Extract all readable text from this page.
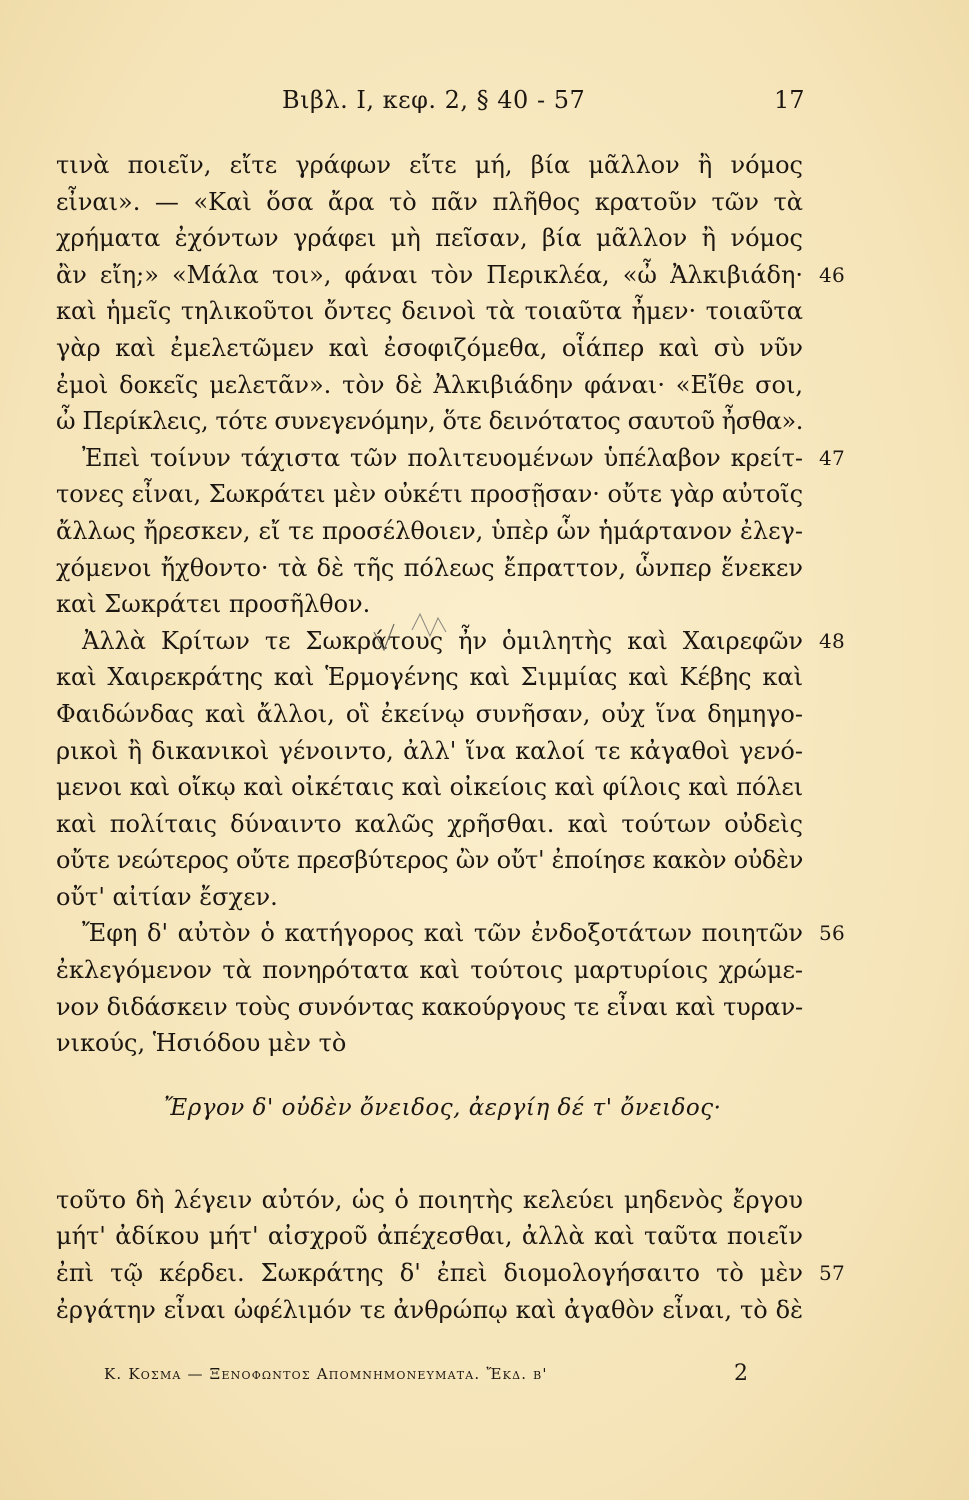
Βιβλ. Ι, κεφ. 2, § 40 - 57	17
τινὰ ποιεῖν, εἴτε γράφων εἴτε μή, βία μᾶλλον ἢ νόμος
εἶναι». — «Καὶ ὅσα ἄρα τὸ πᾶν πλῆθος κρατοῦν τῶν τὰ
χρήματα ἐχόντων γράφει μὴ πεῖσαν, βία μᾶλλον ἢ νόμος
ἂν εἴη;» «Μάλα τοι», φάναι τὸν Περικλέα, «ὦ Ἀλκιβιάδη· 46
καὶ ἡμεῖς τηλικοῦτοι ὄντες δεινοὶ τὰ τοιαῦτα ἦμεν· τοιαῦτα
γὰρ καὶ ἐμελετῶμεν καὶ ἐσοφιζόμεθα, οἷάπερ καὶ σὺ νῦν
ἐμοὶ δοκεῖς μελετᾶν». τὸν δὲ Ἀλκιβιάδην φάναι· «Εἴθε σοι,
ὦ Περίκλεις, τότε συνεγενόμην, ὅτε δεινότατος σαυτοῦ ἦσθα».
Ἐπεὶ τοίνυν τάχιστα τῶν πολιτευομένων ὑπέλαβον κρείτ- 47
τονες εἶναι, Σωκράτει μὲν οὐκέτι προσῇσαν· οὔτε γὰρ αὐτοῖς
ἄλλως ἤρεσκεν, εἴ τε προσέλθοιεν, ὑπὲρ ὧν ἡμάρτανον ἐλεγ-
χόμενοι ἤχθοντο· τὰ δὲ τῆς πόλεως ἔπραττον, ὧνπερ ἕνεκεν
καὶ Σωκράτει προσῆλθον.
Ἀλλὰ Κρίτων τε Σωκράτους ἦν ὁμιλητὴς καὶ Χαιρεφῶν 48
καὶ Χαιρεκράτης καὶ Ἑρμογένης καὶ Σιμμίας καὶ Κέβης καὶ
Φαιδώνδας καὶ ἄλλοι, οἳ ἐκείνῳ συνῆσαν, οὐχ ἵνα δημηγο-
ρικοὶ ἢ δικανικοὶ γένοιντο, ἀλλ' ἵνα καλοί τε κἀγαθοὶ γενό-
μενοι καὶ οἴκῳ καὶ οἰκέταις καὶ οἰκείοις καὶ φίλοις καὶ πόλει
καὶ πολίταις δύναιντο καλῶς χρῆσθαι. καὶ τούτων οὐδεὶς
οὔτε νεώτερος οὔτε πρεσβύτερος ὢν οὔτ' ἐποίησε κακὸν οὐδὲν
οὔτ' αἰτίαν ἔσχεν.
Ἔφη δ' αὐτὸν ὁ κατήγορος καὶ τῶν ἐνδοξοτάτων ποιητῶν 56
ἐκλεγόμενον τὰ πονηρότατα καὶ τούτοις μαρτυρίοις χρώμε-
νον διδάσκειν τοὺς συνόντας κακούργους τε εἶναι καὶ τυραν-
νικούς, Ἡσιόδου μὲν τὸ
Ἔργον δ' οὐδὲν ὄνειδος, ἀεργίη δέ τ' ὄνειδος·
τοῦτο δὴ λέγειν αὐτόν, ὡς ὁ ποιητὴς κελεύει μηδενὸς ἔργου
μήτ' ἀδίκου μήτ' αἰσχροῦ ἀπέχεσθαι, ἀλλὰ καὶ ταῦτα ποιεῖν
ἐπὶ τῷ κέρδει. Σωκράτης δ' ἐπεὶ διομολογήσαιτο τὸ μὲν 57
ἐργάτην εἶναι ὠφέλιμόν τε ἀνθρώπῳ καὶ ἀγαθὸν εἶναι, τὸ δὲ
Κ. Κοσμα — Ξενοφωντος Απομνημονευματα. Ἔκδ. β'	2
